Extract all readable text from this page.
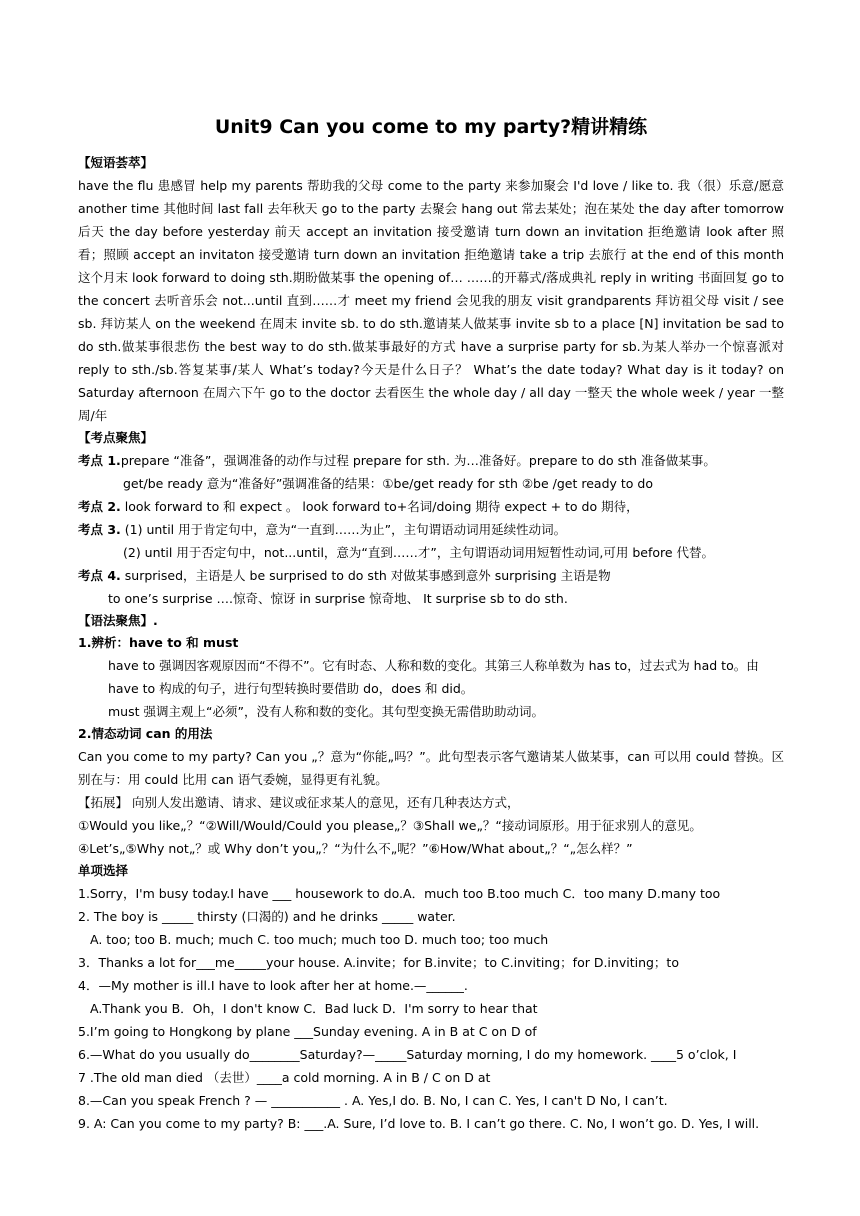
Unit9 Can you come to my party?精讲精练
【短语荟萃】

have the flu 患感冒 help my parents 帮助我的父母 come to the party 来参加聚会 I'd love / like to. 我（很）乐意/愿意 another time 其他时间 last fall 去年秋天 go to the party 去聚会 hang out 常去某处；泡在某处 the day after tomorrow 后天 the day before yesterday 前天 accept an invitation 接受邀请 turn down an invitation 拒绝邀请 look after 照看；照顾 accept an invitaton 接受邀请 turn down an invitation 拒绝邀请 take a trip 去旅行 at the end of this month 这个月末 look forward to doing sth.期盼做某事 the opening of… ……的开幕式/落成典礼 reply in writing 书面回复 go to the concert 去听音乐会 not...until 直到……才 meet my friend 会见我的朋友 visit grandparents 拜访祖父母 visit / see sb. 拜访某人 on the weekend 在周末 invite sb. to do sth.邀请某人做某事 invite sb to a place [N] invitation be sad to do sth.做某事很悲伤 the best way to do sth.做某事最好的方式 have a surprise party for sb.为某人举办一个惊喜派对 reply to sth./sb.答复某事/某人 What’s today?今天是什么日子？ What’s the date today? What day is it today? on Saturday afternoon 在周六下午 go to the doctor 去看医生 the whole day / all day 一整天 the whole week / year 一整周/年

【考点聚焦】

考点 1.prepare “准备”，强调准备的动作与过程 prepare for sth. 为…准备好。prepare to do sth 准备做某事。

get/be ready 意为“准备好”强调准备的结果：①be/get ready for sth ②be /get ready to do

考点 2. look forward to 和 expect 。 look forward to+名词/doing 期待 expect + to do 期待，

考点 3. (1) until 用于肯定句中，意为“一直到……为止”，主句谓语动词用延续性动词。

(2) until 用于否定句中，not...until，意为“直到……才”，主句谓语动词用短暂性动词,可用 before 代替。

考点 4. surprised，主语是人 be surprised to do sth 对做某事感到意外 surprising 主语是物

to one’s surprise ….惊奇、惊讶 in surprise 惊奇地、 It surprise sb to do sth.

【语法聚焦】.
1.辨析：have to 和 must

have to 强调因客观原因而“不得不”。它有时态、人称和数的变化。其第三人称单数为 has to，过去式为 had to。由 have to 构成的句子，进行句型转换时要借助 do，does 和 did。

must 强调主观上“必须”，没有人称和数的变化。其句型变换无需借助助动词。

2.情态动词 can 的用法

Can you come to my party? Can you „？意为“你能„吗？”。此句型表示客气邀请某人做某事，can 可以用 could 替换。区别在与：用 could 比用 can 语气委婉，显得更有礼貌。

【拓展】 向别人发出邀请、请求、建议或征求某人的意见，还有几种表达方式，

①Would you like„？“②Will/Would/Could you please„？③Shall we„？“接动词原形。用于征求别人的意见。

④Let’s„⑤Why not„？或 Why don’t you„？“为什么不„呢？”⑥How/What about„？“„怎么样？”

单项选择

1.Sorry，I'm busy today.I have ___ housework to do.A．much too B.too much C．too many D.many too

2. The boy is _____ thirsty (口渴的) and he drinks _____ water.

A. too; too B. much; much C. too much; much too D. much too; too much

3．Thanks a lot for___me_____your house. A.invite；for B.invite；to C.inviting；for D.inviting；to

4．—My mother is ill.I have to look after her at home.—______.

A.Thank you B．Oh，I don't know C．Bad luck D．I'm sorry to hear that

5.I’m going to Hongkong by plane ___Sunday evening. A in B at C on D of

6.—What do you usually do________Saturday?—_____Saturday morning, I do my homework. ____5 o’clok, I

7 .The old man died （去世）____a cold morning. A in B / C on D at

8.—Can you speak French ? — ___________ . A. Yes,I do. B. No, I can C. Yes, I can't D No, I can’t.

9. A: Can you come to my party? B: ___.A. Sure, I’d love to. B. I can’t go there. C. No, I won’t go. D. Yes, I will.
